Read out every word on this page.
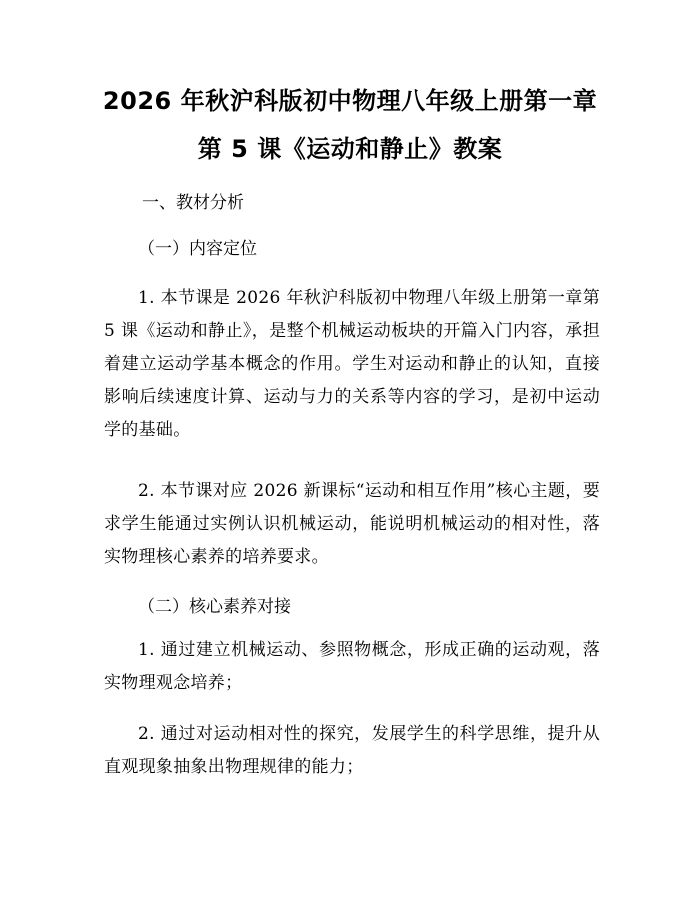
2026 年秋沪科版初中物理八年级上册第一章
第 5 课《运动和静止》教案
一、教材分析
（一）内容定位
1. 本节课是 2026 年秋沪科版初中物理八年级上册第一章第 5 课《运动和静止》，是整个机械运动板块的开篇入门内容，承担着建立运动学基本概念的作用。学生对运动和静止的认知，直接影响后续速度计算、运动与力的关系等内容的学习，是初中运动学的基础。
2. 本节课对应 2026 新课标“运动和相互作用”核心主题，要求学生能通过实例认识机械运动，能说明机械运动的相对性，落实物理核心素养的培养要求。
（二）核心素养对接
1. 通过建立机械运动、参照物概念，形成正确的运动观，落实物理观念培养；
2. 通过对运动相对性的探究，发展学生的科学思维，提升从直观现象抽象出物理规律的能力；
